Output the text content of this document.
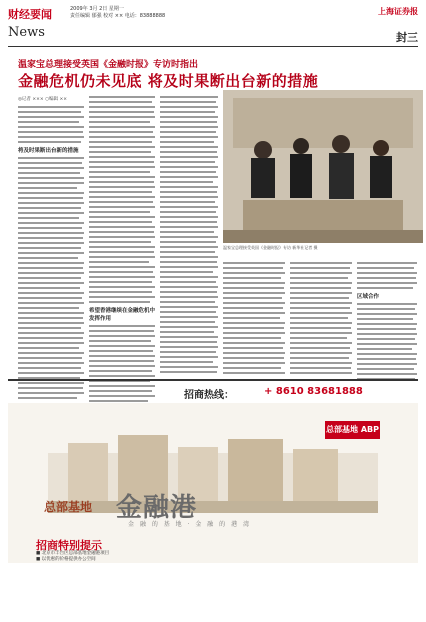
财经要闻	2009年 3月 2日 星期一
责任编辑 郁强 校对 ×× 电话：83888888	上海证券报
News	封三
温家宝总理接受英国《金融时报》专访时指出
金融危机仍未见底 将及时果断出台新的措施
◎记者 ××× ○编辑 ××
将及时果断出台新的措施
希望香港继续在金融危机中发挥作用
温家宝总理接受英国《金融时报》专访 新华社记者 摄
区域合作
招商热线：	+ 8610 83681888
总部基地 ABP
总部基地 金融港
金 融 的 基 地 · 金 融 的 港 湾
招商特别提示
■ 北京市丰台区总部基地金融港项目
■ 以优惠的价格提供办公空间
